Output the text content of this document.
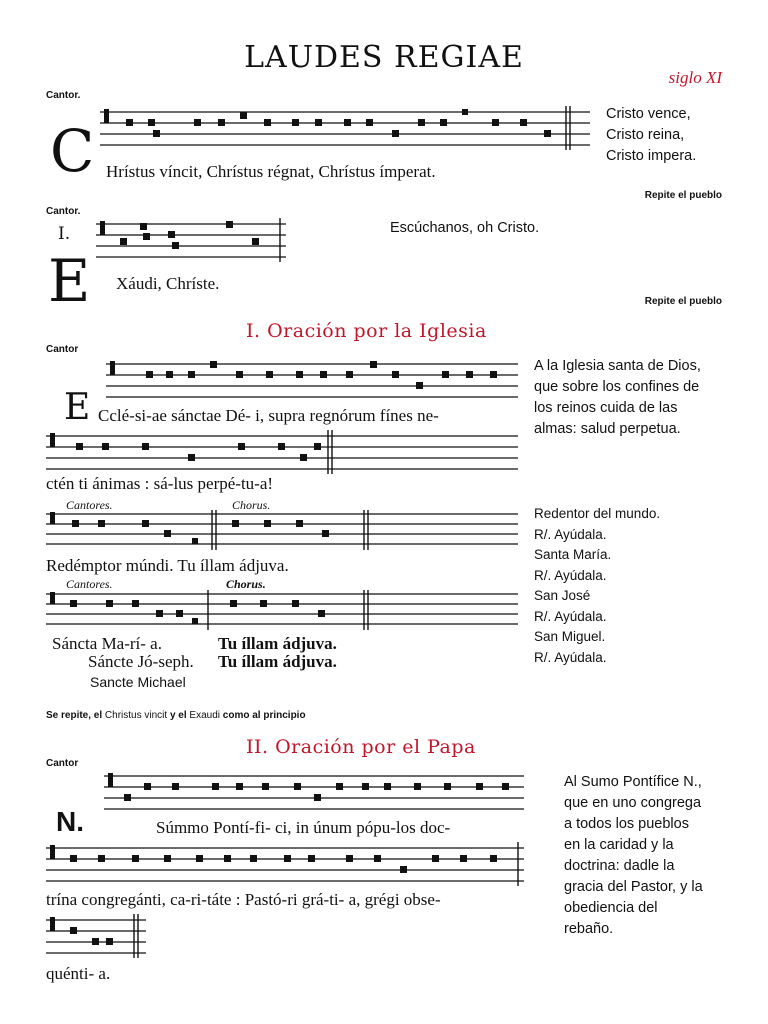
LAUDES REGIAE
siglo XI
Cantor.
C Hrístus víncit, Chrístus régnat, Chrístus ímperat.
Cristo vence,
Cristo reina,
Cristo impera.
Repite el pueblo
Cantor.
I.
E Xáudi, Chríste.
Escúchanos, oh Cristo.
Repite el pueblo
I. Oración por la Iglesia
Cantor
E Cclé-si-ae sánctae Dé- i, supra regnórum fínes ne-
ctén ti ánimas : sá-lus perpé-tu-a!
A la Iglesia santa de Dios,
que sobre los confines de
los reinos cuida de las
almas: salud perpetua.
Cantores.	Chorus.
Redémptor múndi. Tu íllam ádjuva.
Cantores.	Chorus.
Sáncta Ma-rí- a.	Tu íllam ádjuva.
Sáncte Jó-seph. Tu íllam ádjuva.
Sancte Michael
Redentor del mundo.
R/. Ayúdala.
Santa María.
R/. Ayúdala.
San José
R/. Ayúdala.
San Miguel.
R/. Ayúdala.
Se repite, el Christus vincit y el Exaudi como al principio
II. Oración por el Papa
Cantor
N.	Súmmo Pontí-fi- ci, in únum pópu-los doc-
trína congregánti, ca-ri-táte : Pastó-ri grá-ti- a, grégi obse-
quénti- a.
Al Sumo Pontífice N.,
que en uno congrega
a todos los pueblos
en la caridad y la
doctrina: dadle la
gracia del Pastor, y la
obediencia del
rebaño.
